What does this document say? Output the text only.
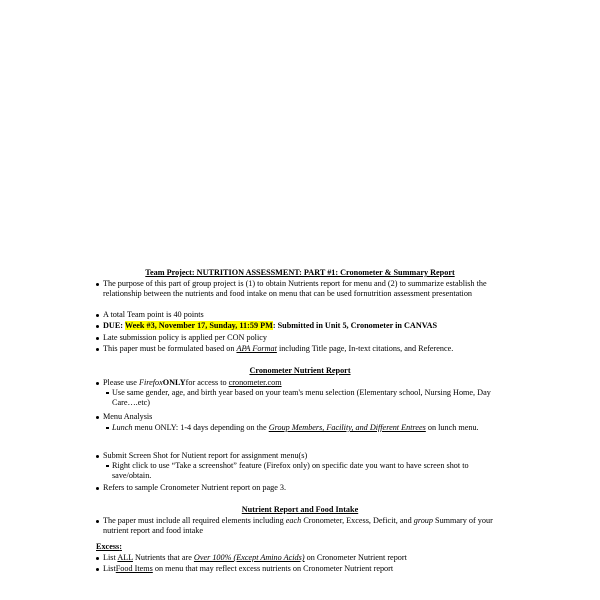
Team Project: NUTRITION ASSESSMENT: PART #1: Cronometer & Summary Report
The purpose of this part of group project is (1) to obtain Nutrients report for menu and (2) to summarize establish the relationship between the nutrients and food intake on menu that can be used fornutrition assessment presentation
A total Team point is 40 points
DUE: Week #3, November 17, Sunday, 11:59 PM: Submitted in Unit 5, Cronometer in CANVAS
Late submission policy is applied per CON policy
This paper must be formulated based on APA Format including Title page, In-text citations, and Reference.
Cronometer Nutrient Report
Please use FirefoxONLYfor access to cronometer.com
Use same gender, age, and birth year based on your team's menu selection (Elementary school, Nursing Home, Day Care….etc)
Menu Analysis
Lunch menu ONLY: 1-4 days depending on the Group Members, Facility, and Different Entrees on lunch menu.
Submit Screen Shot for Nutient report for assignment menu(s)
Right click to use “Take a screenshot” feature (Firefox only) on specific date you want to have screen shot to save/obtain.
Refers to sample Cronometer Nutrient report on page 3.
Nutrient Report and Food Intake
The paper must include all required elements including each Cronometer, Excess, Deficit, and group Summary of your nutrient report and food intake
Excess:
List ALL Nutrients that are Over 100% (Except Amino Acids) on Cronometer Nutrient report
ListFood Items on menu that may reflect excess nutrients on Cronometer Nutrient report
